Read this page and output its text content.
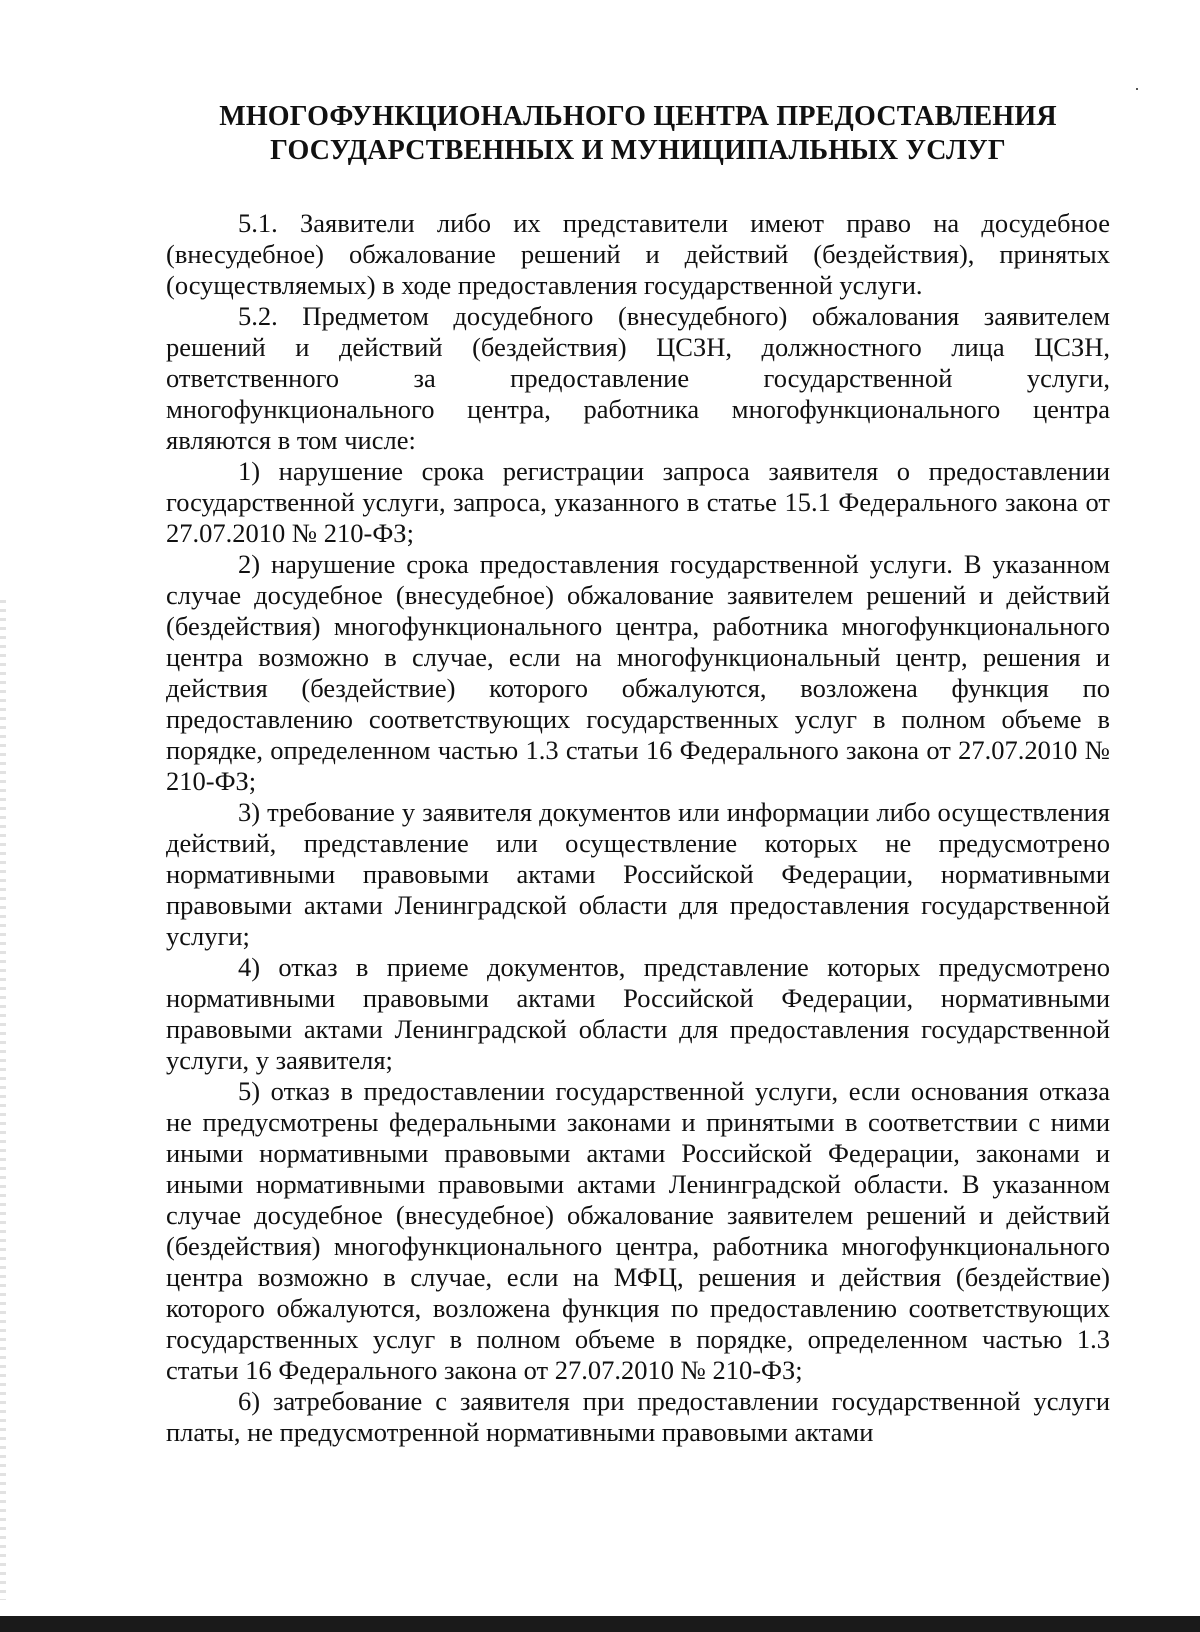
МНОГОФУНКЦИОНАЛЬНОГО ЦЕНТРА ПРЕДОСТАВЛЕНИЯ
ГОСУДАРСТВЕННЫХ И МУНИЦИПАЛЬНЫХ УСЛУГ

5.1. Заявители либо их представители имеют право на досудебное (внесудебное) обжалование решений и действий (бездействия), принятых (осуществляемых) в ходе предоставления государственной услуги.

5.2. Предметом досудебного (внесудебного) обжалования заявителем решений и действий (бездействия) ЦСЗН, должностного лица ЦСЗН, ответственного за предоставление государственной услуги, многофункционального центра, работника многофункционального центра являются в том числе:

1) нарушение срока регистрации запроса заявителя о предоставлении государственной услуги, запроса, указанного в статье 15.1 Федерального закона от 27.07.2010 № 210-ФЗ;

2) нарушение срока предоставления государственной услуги. В указанном случае досудебное (внесудебное) обжалование заявителем решений и действий (бездействия) многофункционального центра, работника многофункционального центра возможно в случае, если на многофункциональный центр, решения и действия (бездействие) которого обжалуются, возложена функция по предоставлению соответствующих государственных услуг в полном объеме в порядке, определенном частью 1.3 статьи 16 Федерального закона от 27.07.2010 № 210-ФЗ;

3) требование у заявителя документов или информации либо осуществления действий, представление или осуществление которых не предусмотрено нормативными правовыми актами Российской Федерации, нормативными правовыми актами Ленинградской области для предоставления государственной услуги;

4) отказ в приеме документов, представление которых предусмотрено нормативными правовыми актами Российской Федерации, нормативными правовыми актами Ленинградской области для предоставления государственной услуги, у заявителя;

5) отказ в предоставлении государственной услуги, если основания отказа не предусмотрены федеральными законами и принятыми в соответствии с ними иными нормативными правовыми актами Российской Федерации, законами и иными нормативными правовыми актами Ленинградской области. В указанном случае досудебное (внесудебное) обжалование заявителем решений и действий (бездействия) многофункционального центра, работника многофункционального центра возможно в случае, если на МФЦ, решения и действия (бездействие) которого обжалуются, возложена функция по предоставлению соответствующих государственных услуг в полном объеме в порядке, определенном частью 1.3 статьи 16 Федерального закона от 27.07.2010 № 210-ФЗ;

6) затребование с заявителя при предоставлении государственной услуги платы, не предусмотренной нормативными правовыми актами
